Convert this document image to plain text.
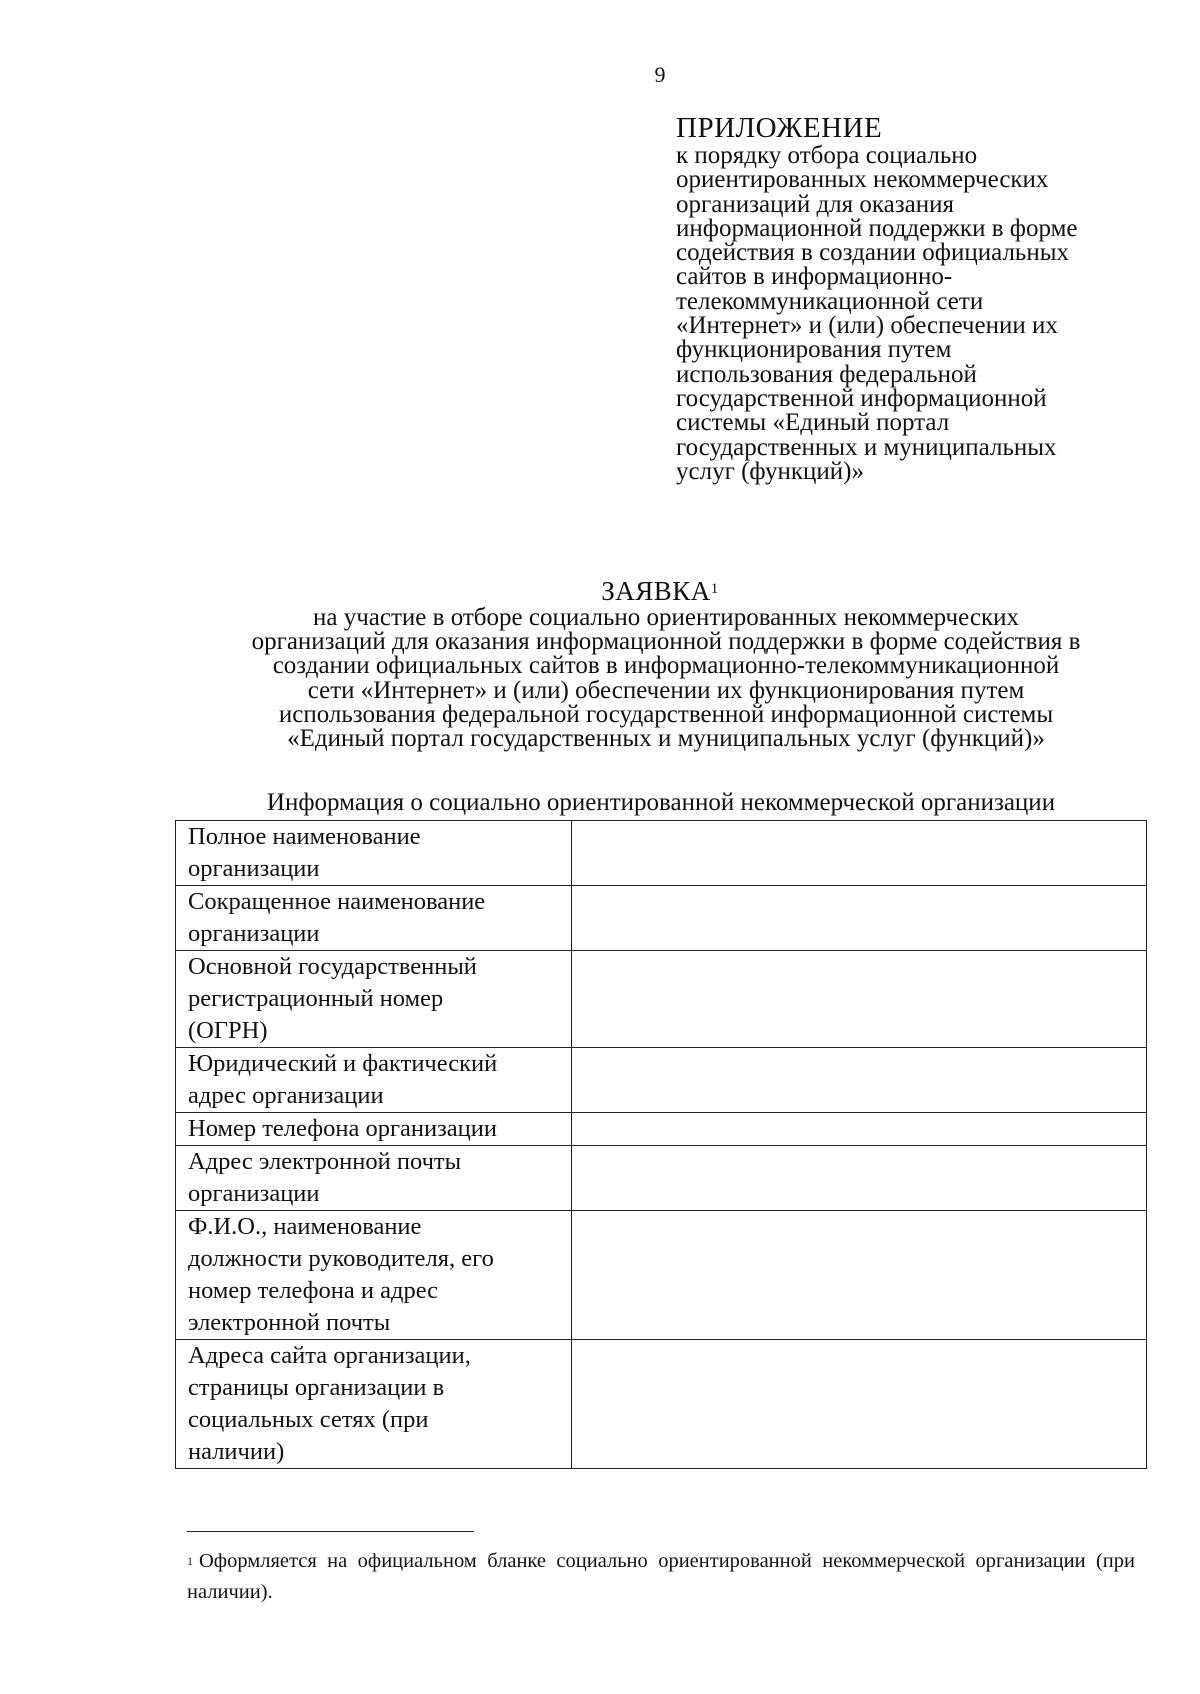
9
ПРИЛОЖЕНИЕ
к порядку отбора социально
ориентированных некоммерческих
организаций для оказания
информационной поддержки в форме
содействия в создании официальных
сайтов в информационно-
телекоммуникационной сети
«Интернет» и (или) обеспечении их
функционирования путем
использования федеральной
государственной информационной
системы «Единый портал
государственных и муниципальных
услуг (функций)»
ЗАЯВКА$^1$
на участие в отборе социально ориентированных некоммерческих
организаций для оказания информационной поддержки в форме содействия в
создании официальных сайтов в информационно-телекоммуникационной
сети «Интернет» и (или) обеспечении их функционирования путем
использования федеральной государственной информационной системы
«Единый портал государственных и муниципальных услуг (функций)»
Информация о социально ориентированной некоммерческой организации
Полное наименование
организации	

Сокращенное наименование
организации	

Основной государственный
регистрационный номер
(ОГРН)	

Юридический и фактический
адрес организации	

Номер телефона организации	

Адрес электронной почты
организации	

Ф.И.О., наименование
должности руководителя, его
номер телефона и адрес
электронной почты	

Адреса сайта организации,
страницы организации в
социальных сетях (при
наличии)	

$^1$ Оформляется на официальном бланке социально ориентированной некоммерческой организации (при наличии).
